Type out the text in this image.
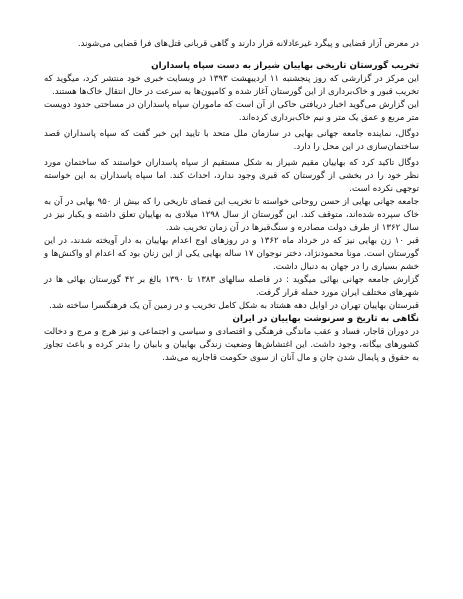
در معرض آزار قضایی و پیگرد غیرعادلانه قرار دارند و گاهی قربانی قتل‌های فرا قضایی می‌شوند.

تخریب گورستان تاریخی بهاییان شیراز به دست سپاه پاسداران

این مرکز در گزارشی که روز پنجشنبه ۱۱ اردیبهشت ۱۳۹۳ در وبسایت خبری خود منتشر کرد، میگوید که تخریب قبور و خاک‌برداری از این گورستان آغاز شده و کامیون‌ها به سرعت در حال انتقال خاک‌ها هستند.

این گزارش می‌گوید اخبار دریافتی حاکی از آن است که ماموران سپاه پاسداران در مساحتی حدود دویست متر مربع و عمق یک متر و نیم خاک‌برداری کرده‌اند.

دوگال، نماینده جامعه جهانی بهایی در سازمان ملل متحد با تایید این خبر گفت که سپاه پاسداران قصد ساختمان‌سازی در این محل را دارد.

دوگال تاکید کرد که بهاییان مقیم شیراز به شکل مستقیم از سپاه پاسداران خواستند که ساختمان مورد نظر خود را در بخشی از گورستان که قبری وجود ندارد، احداث کند. اما سپاه پاسداران به این خواسته توجهی نکرده است.

جامعه جهانی بهایی از حسن روحانی خواسته تا تخریب این فضای تاریخی را که بیش از ۹۵۰ بهایی در آن به خاک سپرده شده‌اند، متوقف کند. این گورستان از سال ۱۲۹۸ میلادی به بهاییان تعلق داشته و یکبار نیز در سال ۱۳۶۲ از طرف دولت مصادره و سنگ‌قبرها در آن زمان تخریب شد.

قبر ۱۰ زن بهایی نیز که در خرداد ماه ۱۳۶۲ و در روزهای اوج اعدام بهاییان به دار آویخته شدند، در این گورستان است. مونا محمودنژاد، دختر نوجوان ۱۷ ساله بهایی یکی از این زنان بود که اعدام او واکنش‌ها و خشم بسیاری را در جهان به دنبال داشت.

گزارش جامعه جهانی بهائی میگوید : در فاصله سالهای ۱۳۸۳ تا ۱۳۹۰ بالغ بر ۴۲ گورستان بهائی ها در شهرهای مختلف ایران مورد حمله قرار گرفت.

قبرستان بهاییان تهران در اوایل دهه هشتاد به شکل کامل تخریب و در زمین آن یک فرهنگسرا ساخته شد.

نگاهی به تاریخ و سرنوشت بهاییان در ایران

در دوران قاجار، فساد و عقب ماندگی فرهنگی و اقتصادی و سیاسی و اجتماعی و نیز هرج و مرج و دخالت کشورهای بیگانه، وجود داشت. این اغتشاش‌ها وضعیت زندگی بهاییان و بابیان را بدتر کرده و باعث تجاوز به حقوق و پایمال شدن جان و مال آنان از سوی حکومت قاجاریه می‌شد.
